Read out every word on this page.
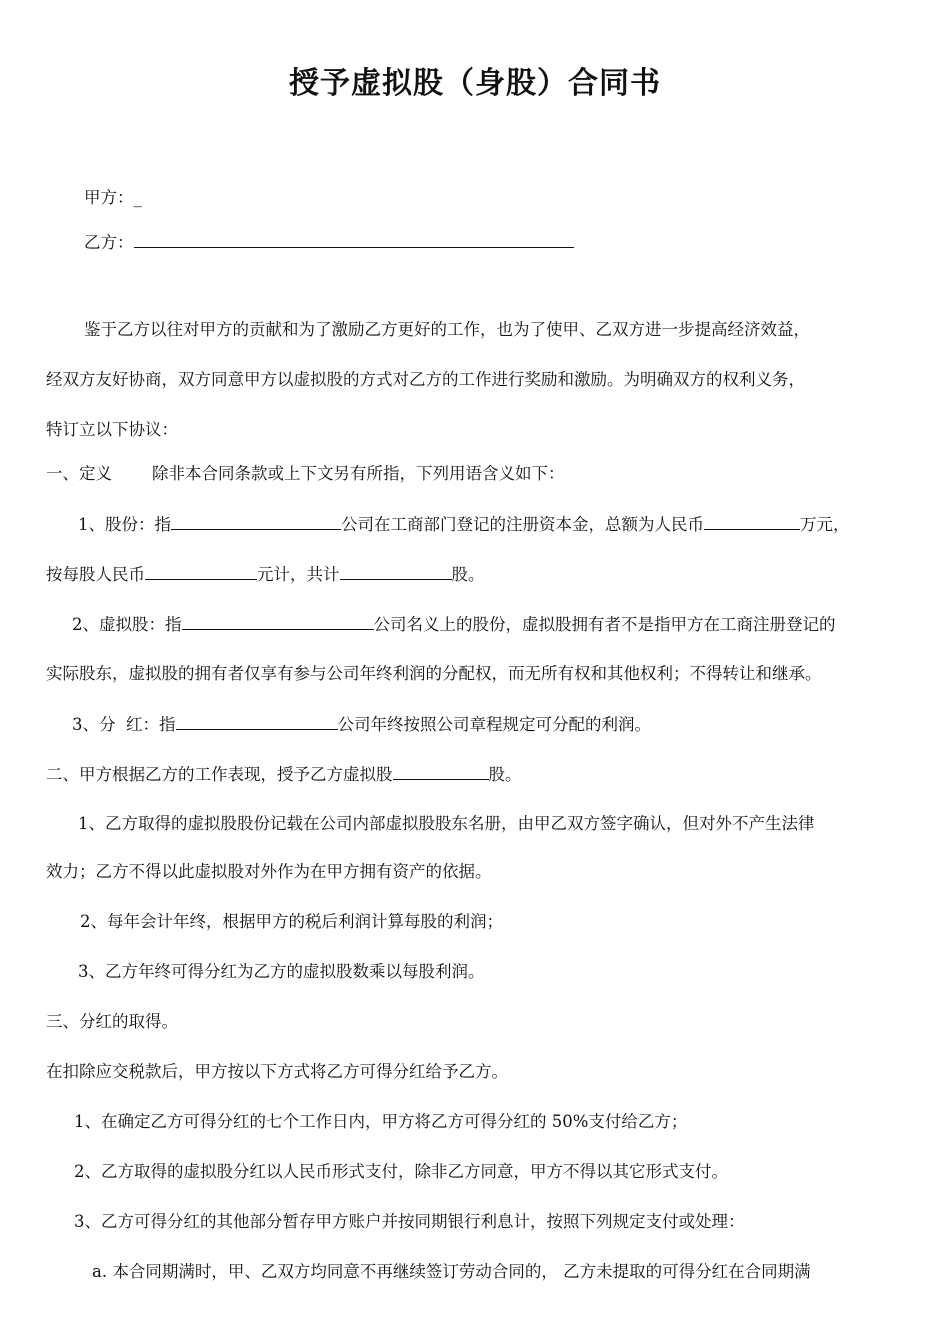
授予虚拟股（身股）合同书
甲方：_
乙方：
鉴于乙方以往对甲方的贡献和为了激励乙方更好的工作，也为了使甲、乙双方进一步提高经济效益，
经双方友好协商，双方同意甲方以虚拟股的方式对乙方的工作进行奖励和激励。为明确双方的权利义务，
特订立以下协议：
一、定义 除非本合同条款或上下文另有所指，下列用语含义如下：
1、股份：指	公司在工商部门登记的注册资本金，总额为人民币	万元，
按每股人民币	元计，共计	股。
2、虚拟股：指	公司名义上的股份，虚拟股拥有者不是指甲方在工商注册登记的
实际股东，虚拟股的拥有者仅享有参与公司年终利润的分配权，而无所有权和其他权利；不得转让和继承。
3、分  红：指	公司年终按照公司章程规定可分配的利润。
二、甲方根据乙方的工作表现，授予乙方虚拟股	股。
1、乙方取得的虚拟股股份记载在公司内部虚拟股股东名册，由甲乙双方签字确认，但对外不产生法律
效力；乙方不得以此虚拟股对外作为在甲方拥有资产的依据。
2、每年会计年终，根据甲方的税后利润计算每股的利润；
3、乙方年终可得分红为乙方的虚拟股数乘以每股利润。
三、分红的取得。
在扣除应交税款后，甲方按以下方式将乙方可得分红给予乙方。
1、在确定乙方可得分红的七个工作日内，甲方将乙方可得分红的 50%支付给乙方；
2、乙方取得的虚拟股分红以人民币形式支付，除非乙方同意，甲方不得以其它形式支付。
3、乙方可得分红的其他部分暂存甲方账户并按同期银行利息计，按照下列规定支付或处理：
a. 本合同期满时，甲、乙双方均同意不再继续签订劳动合同的， 乙方未提取的可得分红在合同期满
